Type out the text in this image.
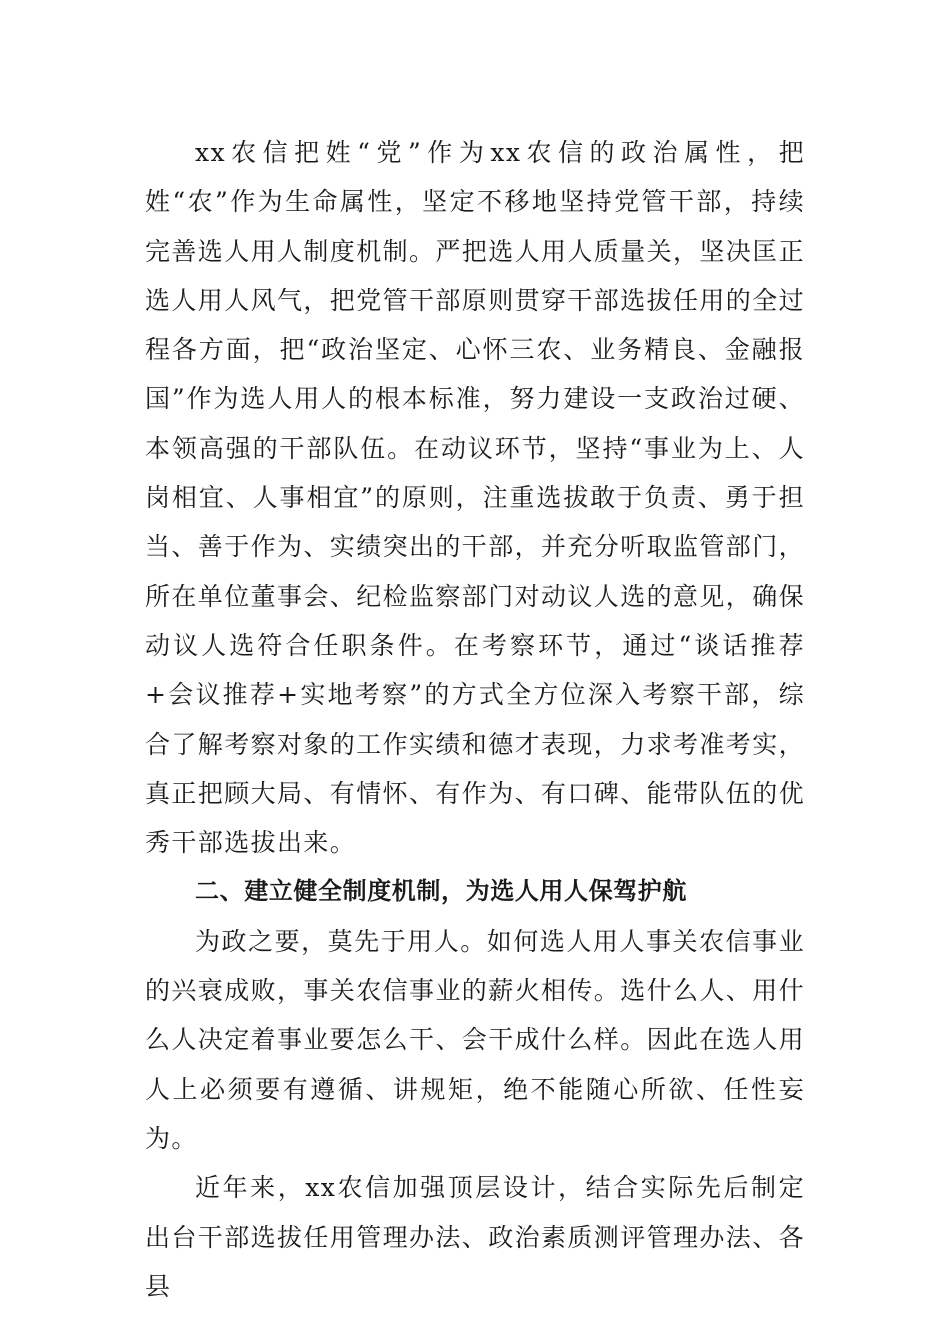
xx农信把姓“党”作为xx农信的政治属性，把姓“农”作为生命属性，坚定不移地坚持党管干部，持续完善选人用人制度机制。严把选人用人质量关，坚决匡正选人用人风气，把党管干部原则贯穿干部选拔任用的全过程各方面，把“政治坚定、心怀三农、业务精良、金融报国”作为选人用人的根本标准，努力建设一支政治过硬、本领高强的干部队伍。在动议环节，坚持“事业为上、人岗相宜、人事相宜”的原则，注重选拔敢于负责、勇于担当、善于作为、实绩突出的干部，并充分听取监管部门，所在单位董事会、纪检监察部门对动议人选的意见，确保动议人选符合任职条件。在考察环节，通过“谈话推荐+会议推荐+实地考察”的方式全方位深入考察干部，综合了解考察对象的工作实绩和德才表现，力求考准考实，真正把顾大局、有情怀、有作为、有口碑、能带队伍的优秀干部选拔出来。

二、建立健全制度机制，为选人用人保驾护航

为政之要，莫先于用人。如何选人用人事关农信事业的兴衰成败，事关农信事业的薪火相传。选什么人、用什么人决定着事业要怎么干、会干成什么样。因此在选人用人上必须要有遵循、讲规矩，绝不能随心所欲、任性妄为。

近年来，xx农信加强顶层设计，结合实际先后制定出台干部选拔任用管理办法、政治素质测评管理办法、各县
